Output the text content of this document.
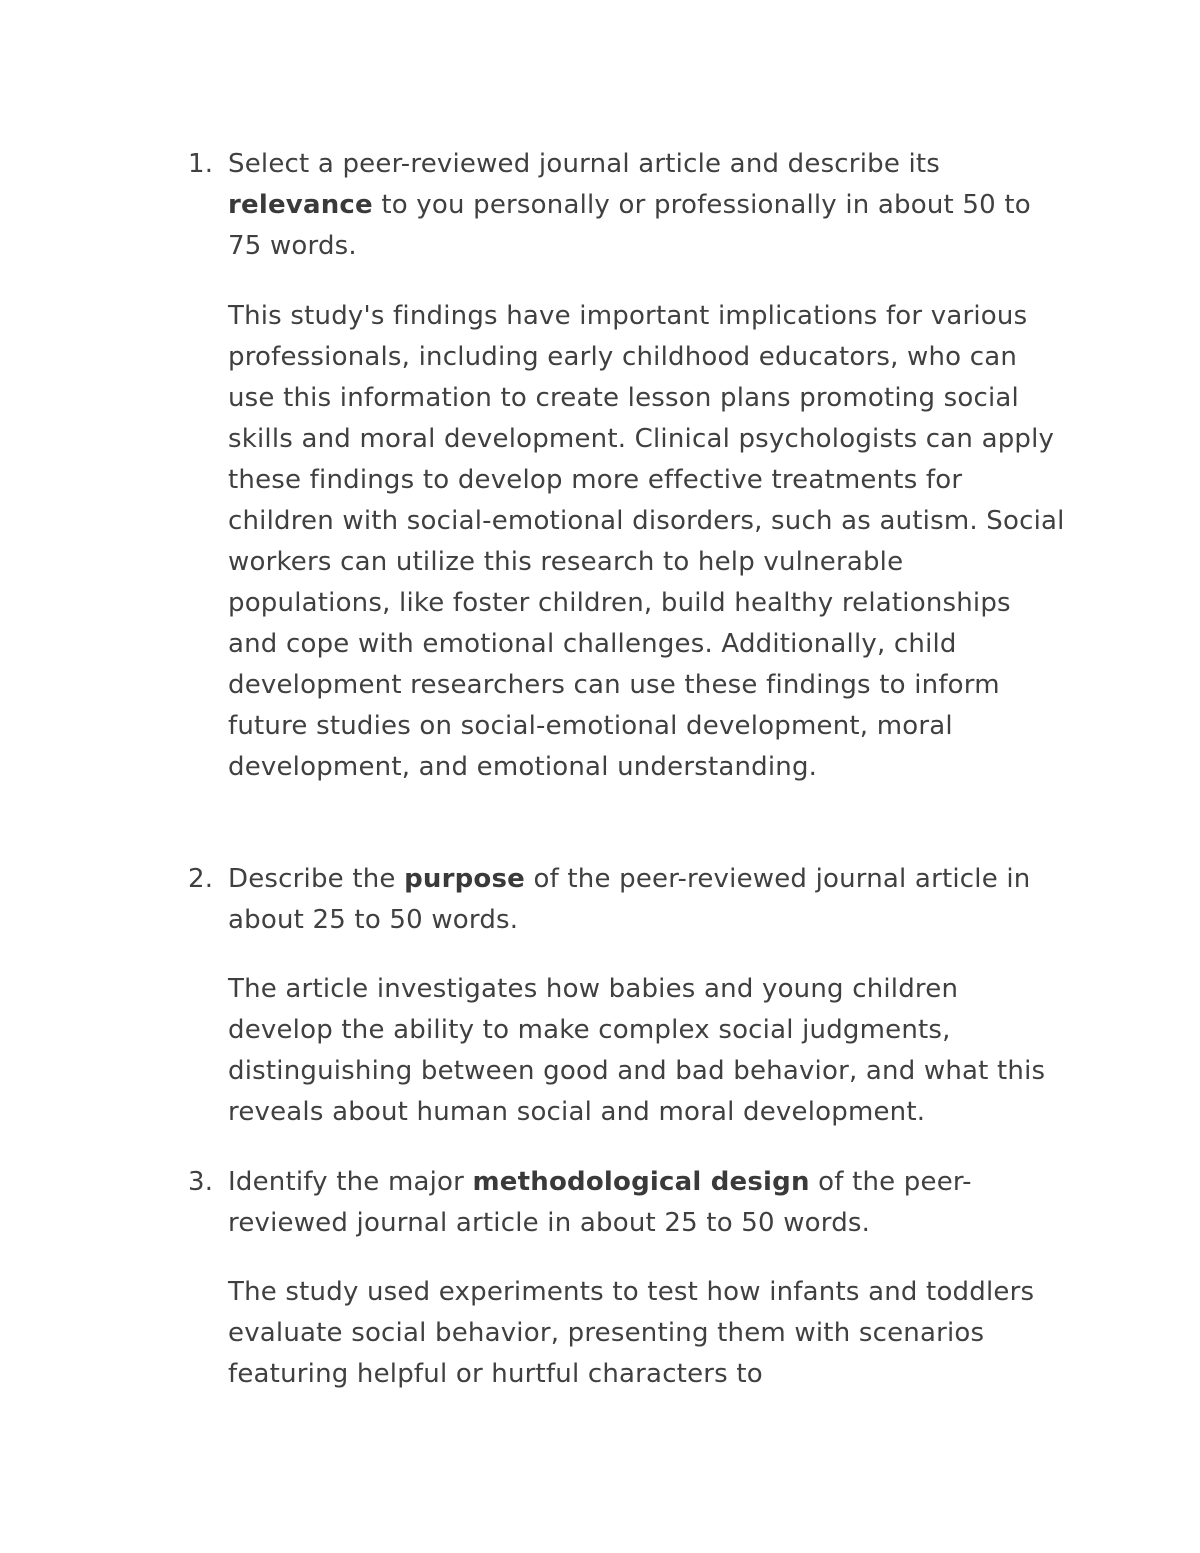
1. Select a peer-reviewed journal article and describe its relevance to you personally or professionally in about 50 to 75 words.

This study's findings have important implications for various professionals, including early childhood educators, who can use this information to create lesson plans promoting social skills and moral development. Clinical psychologists can apply these findings to develop more effective treatments for children with social-emotional disorders, such as autism. Social workers can utilize this research to help vulnerable populations, like foster children, build healthy relationships and cope with emotional challenges. Additionally, child development researchers can use these findings to inform future studies on social-emotional development, moral development, and emotional understanding.

2. Describe the purpose of the peer-reviewed journal article in about 25 to 50 words.

The article investigates how babies and young children develop the ability to make complex social judgments, distinguishing between good and bad behavior, and what this reveals about human social and moral development.

3. Identify the major methodological design of the peer-reviewed journal article in about 25 to 50 words.

The study used experiments to test how infants and toddlers evaluate social behavior, presenting them with scenarios featuring helpful or hurtful characters to
